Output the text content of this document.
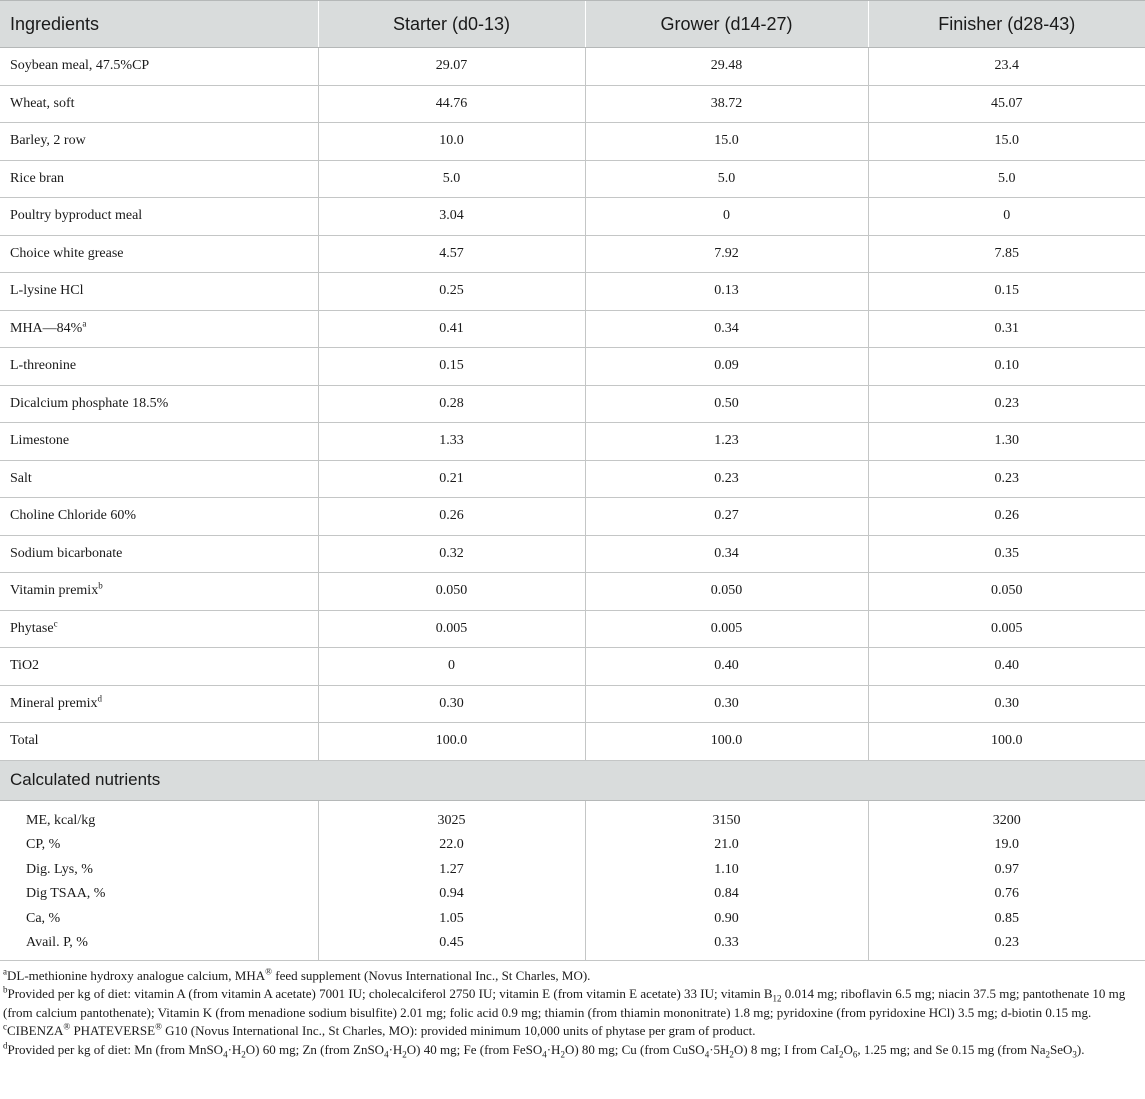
Ingredients	Starter (d0-13)	Grower (d14-27)	Finisher (d28-43)
Soybean meal, 47.5%CP	29.07	29.48	23.4
Wheat, soft	44.76	38.72	45.07
Barley, 2 row	10.0	15.0	15.0
Rice bran	5.0	5.0	5.0
Poultry byproduct meal	3.04	0	0
Choice white grease	4.57	7.92	7.85
L-lysine HCl	0.25	0.13	0.15
MHA—84%$^a$	0.41	0.34	0.31
L-threonine	0.15	0.09	0.10
Dicalcium phosphate 18.5%	0.28	0.50	0.23
Limestone	1.33	1.23	1.30
Salt	0.21	0.23	0.23
Choline Chloride 60%	0.26	0.27	0.26
Sodium bicarbonate	0.32	0.34	0.35
Vitamin premix$^b$	0.050	0.050	0.050
Phytase$^c$	0.005	0.005	0.005
TiO2	0	0.40	0.40
Mineral premix$^d$	0.30	0.30	0.30
Total	100.0	100.0	100.0
Calculated nutrients			
ME, kcal/kg	3025	3150	3200
CP, %	22.0	21.0	19.0
Dig. Lys, %	1.27	1.10	0.97
Dig TSAA, %	0.94	0.84	0.76
Ca, %	1.05	0.90	0.85
Avail. P, %	0.45	0.33	0.23

$^a$DL-methionine hydroxy analogue calcium, MHA® feed supplement (Novus International Inc., St Charles, MO).

$^b$Provided per kg of diet: vitamin A (from vitamin A acetate) 7001 IU; cholecalciferol 2750 IU; vitamin E (from vitamin E acetate) 33 IU; vitamin $B_{12}$ 0.014 mg; riboflavin 6.5 mg; niacin 37.5 mg; pantothenate 10 mg (from calcium pantothenate); Vitamin K (from menadione sodium bisulfite) 2.01 mg; folic acid 0.9 mg; thiamin (from thiamin mononitrate) 1.8 mg; pyridoxine (from pyridoxine HCl) 3.5 mg; d-biotin 0.15 mg.

$^c$CIBENZA® PHATEVERSE® G10 (Novus International Inc., St Charles, MO): provided minimum 10,000 units of phytase per gram of product.

$^d$Provided per kg of diet: Mn (from $MnSO_4\cdot H_2O$) 60 mg; Zn (from $ZnSO_4\cdot H_2O$) 40 mg; Fe (from $FeSO_4\cdot H_2O$) 80 mg; Cu (from $CuSO_4\cdot 5H_2O$) 8 mg; I from $CaI_2O_6$, 1.25 mg; and Se 0.15 mg (from $Na_2SeO_3$).
